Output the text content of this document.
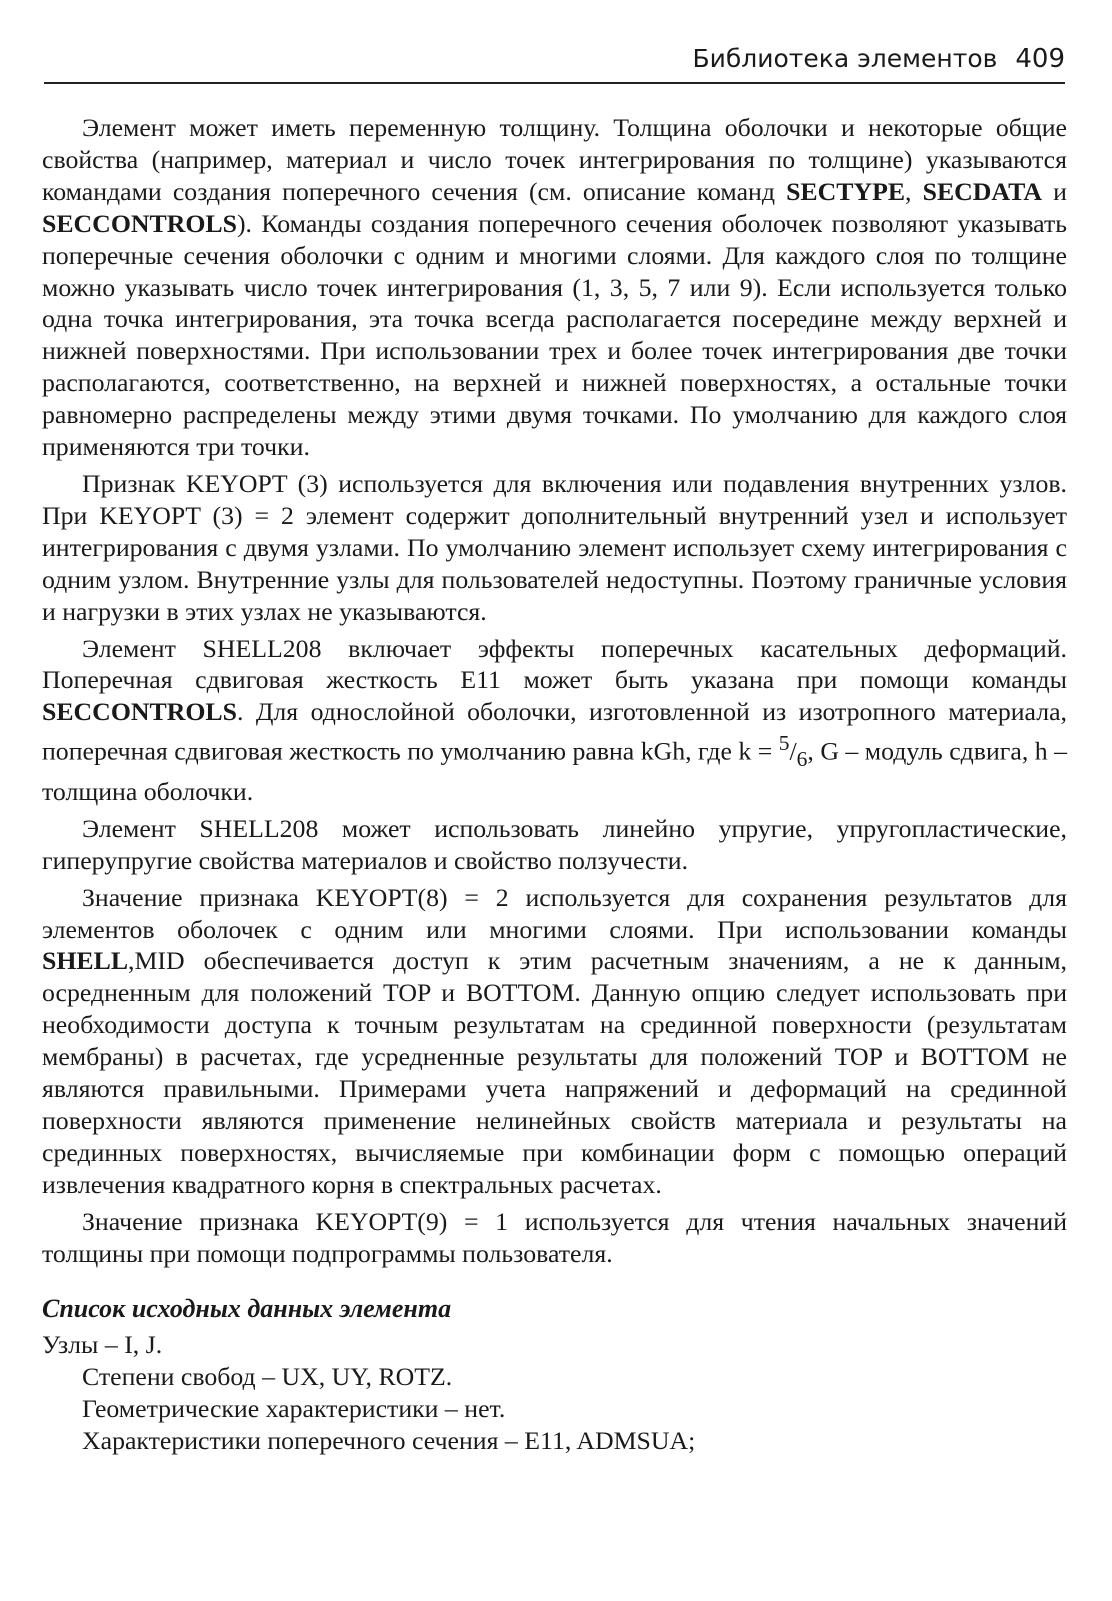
Библиотека элементов 409

Элемент может иметь переменную толщину. Толщина оболочки и некоторые общие свойства (например, материал и число точек интегрирования по толщине) указываются командами создания поперечного сечения (см. описание команд SECTYPE, SECDATA и SECCONTROLS). Команды создания поперечного сечения оболочек позволяют указывать поперечные сечения оболочки с одним и многими слоями. Для каждого слоя по толщине можно указывать число точек интегрирования (1, 3, 5, 7 или 9). Если используется только одна точка интегрирования, эта точка всегда располагается посередине между верхней и нижней поверхностями. При использовании трех и более точек интегрирования две точки располагаются, соответственно, на верхней и нижней поверхностях, а остальные точки равномерно распределены между этими двумя точками. По умолчанию для каждого слоя применяются три точки.

Признак KEYOPT (3) используется для включения или подавления внутренних узлов. При KEYOPT (3) = 2 элемент содержит дополнительный внутренний узел и использует интегрирования с двумя узлами. По умолчанию элемент использует схему интегрирования с одним узлом. Внутренние узлы для пользователей недоступны. Поэтому граничные условия и нагрузки в этих узлах не указываются.

Элемент SHELL208 включает эффекты поперечных касательных деформаций. Поперечная сдвиговая жесткость E11 может быть указана при помощи команды SECCONTROLS. Для однослойной оболочки, изготовленной из изотропного материала, поперечная сдвиговая жесткость по умолчанию равна kGh, где $k = ^5/_6$, G – модуль сдвига, h – толщина оболочки.

Элемент SHELL208 может использовать линейно упругие, упругопластические, гиперупругие свойства материалов и свойство ползучести.

Значение признака KEYOPT(8) = 2 используется для сохранения результатов для элементов оболочек с одним или многими слоями. При использовании команды SHELL,MID обеспечивается доступ к этим расчетным значениям, а не к данным, осредненным для положений TOP и BOTTOM. Данную опцию следует использовать при необходимости доступа к точным результатам на срединной поверхности (результатам мембраны) в расчетах, где усредненные результаты для положений TOP и BOTTOM не являются правильными. Примерами учета напряжений и деформаций на срединной поверхности являются применение нелинейных свойств материала и результаты на срединных поверхностях, вычисляемые при комбинации форм с помощью операций извлечения квадратного корня в спектральных расчетах.

Значение признака KEYOPT(9) = 1 используется для чтения начальных значений толщины при помощи подпрограммы пользователя.

Список исходных данных элемента
Узлы – I, J.
Степени свобод – UX, UY, ROTZ.
Геометрические характеристики – нет.
Характеристики поперечного сечения – E11, ADMSUA;
